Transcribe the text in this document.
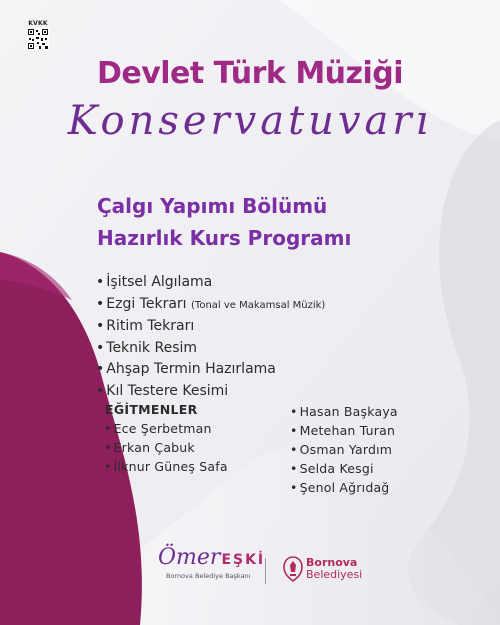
KVKK
Devlet Türk Müziği
Konservatuvarı
Çalgı Yapımı Bölümü
Hazırlık Kurs Programı
• İşitsel Algılama
• Ezgi Tekrarı (Tonal ve Makamsal Müzik)
• Ritim Tekrarı
• Teknik Resim
• Ahşap Termin Hazırlama
• Kıl Testere Kesimi
EĞİTMENLER
• Ece Şerbetman
• Erkan Çabuk
• İlknur Güneş Safa
• Hasan Başkaya
• Metehan Turan
• Osman Yardım
• Selda Kesgi
• Şenol Ağrıdağ
ÖmerEŞKİ
Bornova Belediye Başkanı
Bornova
Belediyesi
